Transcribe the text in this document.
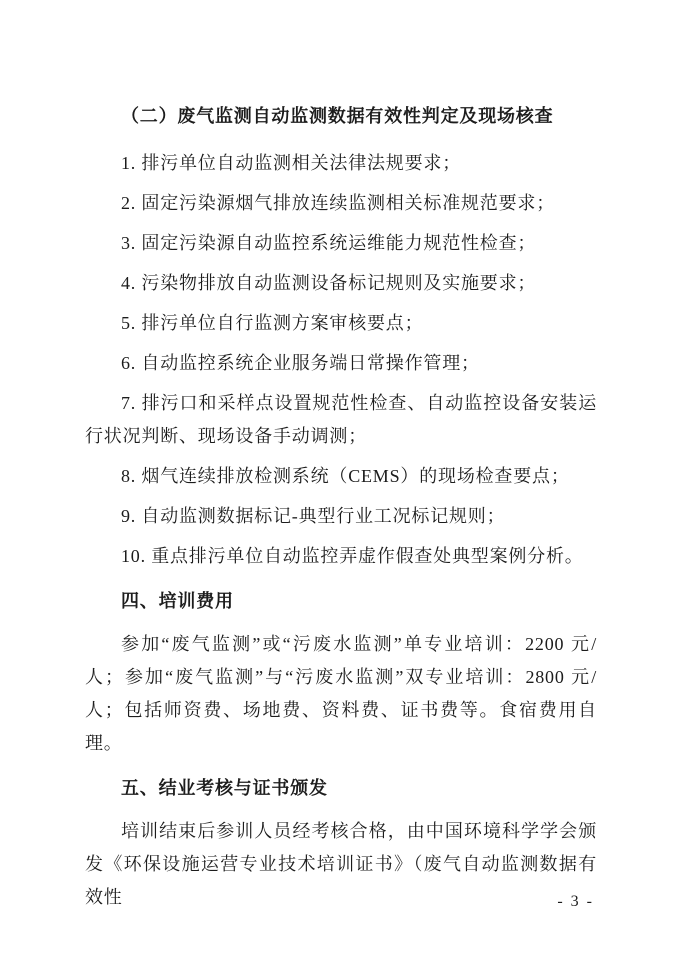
（二）废气监测自动监测数据有效性判定及现场核查

1. 排污单位自动监测相关法律法规要求；

2. 固定污染源烟气排放连续监测相关标准规范要求；

3. 固定污染源自动监控系统运维能力规范性检查；

4. 污染物排放自动监测设备标记规则及实施要求；

5. 排污单位自行监测方案审核要点；

6. 自动监控系统企业服务端日常操作管理；

7. 排污口和采样点设置规范性检查、自动监控设备安装运行状况判断、现场设备手动调测；

8. 烟气连续排放检测系统（CEMS）的现场检查要点；

9. 自动监测数据标记-典型行业工况标记规则；

10. 重点排污单位自动监控弄虚作假查处典型案例分析。

四、培训费用

参加“废气监测”或“污废水监测”单专业培训：2200 元/人；参加“废气监测”与“污废水监测”双专业培训：2800 元/人；包括师资费、场地费、资料费、证书费等。食宿费用自理。

五、结业考核与证书颁发

培训结束后参训人员经考核合格，由中国环境科学学会颁发《环保设施运营专业技术培训证书》（废气自动监测数据有效性	- 3 -
